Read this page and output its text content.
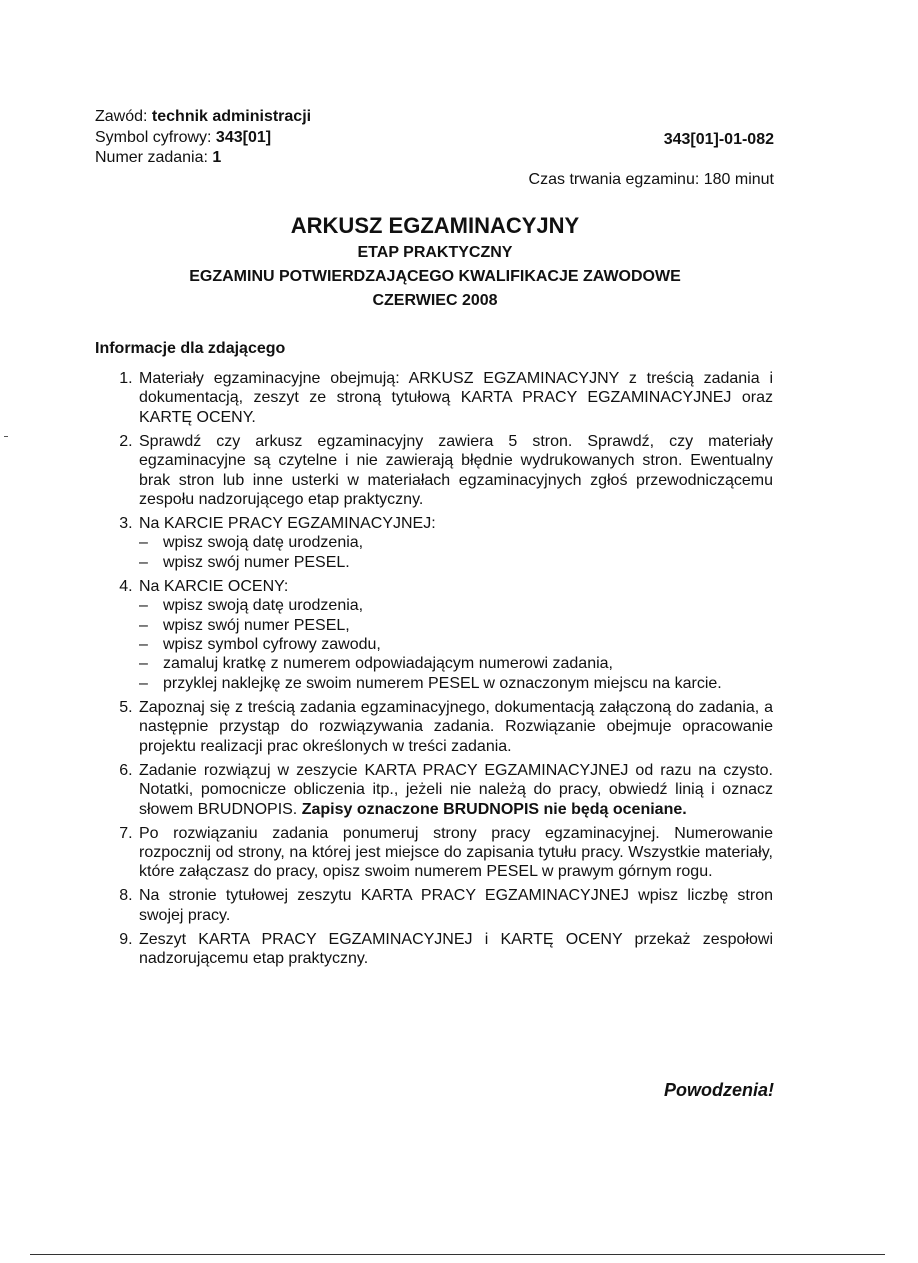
Zawód: technik administracji
Symbol cyfrowy: 343[01]
Numer zadania: 1
343[01]-01-082
Czas trwania egzaminu: 180 minut
ARKUSZ EGZAMINACYJNY
ETAP PRAKTYCZNY
EGZAMINU POTWIERDZAJĄCEGO KWALIFIKACJE ZAWODOWE
CZERWIEC 2008
Informacje dla zdającego
1. Materiały egzaminacyjne obejmują: ARKUSZ EGZAMINACYJNY z treścią zadania i dokumentacją, zeszyt ze stroną tytułową KARTA PRACY EGZAMINACYJNEJ oraz KARTĘ OCENY.
2. Sprawdź czy arkusz egzaminacyjny zawiera 5 stron. Sprawdź, czy materiały egzaminacyjne są czytelne i nie zawierają błędnie wydrukowanych stron. Ewentualny brak stron lub inne usterki w materiałach egzaminacyjnych zgłoś przewodniczącemu zespołu nadzorującego etap praktyczny.
3. Na KARCIE PRACY EGZAMINACYJNEJ:
– wpisz swoją datę urodzenia,
– wpisz swój numer PESEL.
4. Na KARCIE OCENY:
– wpisz swoją datę urodzenia,
– wpisz swój numer PESEL,
– wpisz symbol cyfrowy zawodu,
– zamaluj kratkę z numerem odpowiadającym numerowi zadania,
– przyklej naklejkę ze swoim numerem PESEL w oznaczonym miejscu na karcie.
5. Zapoznaj się z treścią zadania egzaminacyjnego, dokumentacją załączoną do zadania, a następnie przystąp do rozwiązywania zadania. Rozwiązanie obejmuje opracowanie projektu realizacji prac określonych w treści zadania.
6. Zadanie rozwiązuj w zeszycie KARTA PRACY EGZAMINACYJNEJ od razu na czysto. Notatki, pomocnicze obliczenia itp., jeżeli nie należą do pracy, obwiedź linią i oznacz słowem BRUDNOPIS. Zapisy oznaczone BRUDNOPIS nie będą oceniane.
7. Po rozwiązaniu zadania ponumeruj strony pracy egzaminacyjnej. Numerowanie rozpocznij od strony, na której jest miejsce do zapisania tytułu pracy. Wszystkie materiały, które załączasz do pracy, opisz swoim numerem PESEL w prawym górnym rogu.
8. Na stronie tytułowej zeszytu KARTA PRACY EGZAMINACYJNEJ wpisz liczbę stron swojej pracy.
9. Zeszyt KARTA PRACY EGZAMINACYJNEJ i KARTĘ OCENY przekaż zespołowi nadzorującemu etap praktyczny.
Powodzenia!
